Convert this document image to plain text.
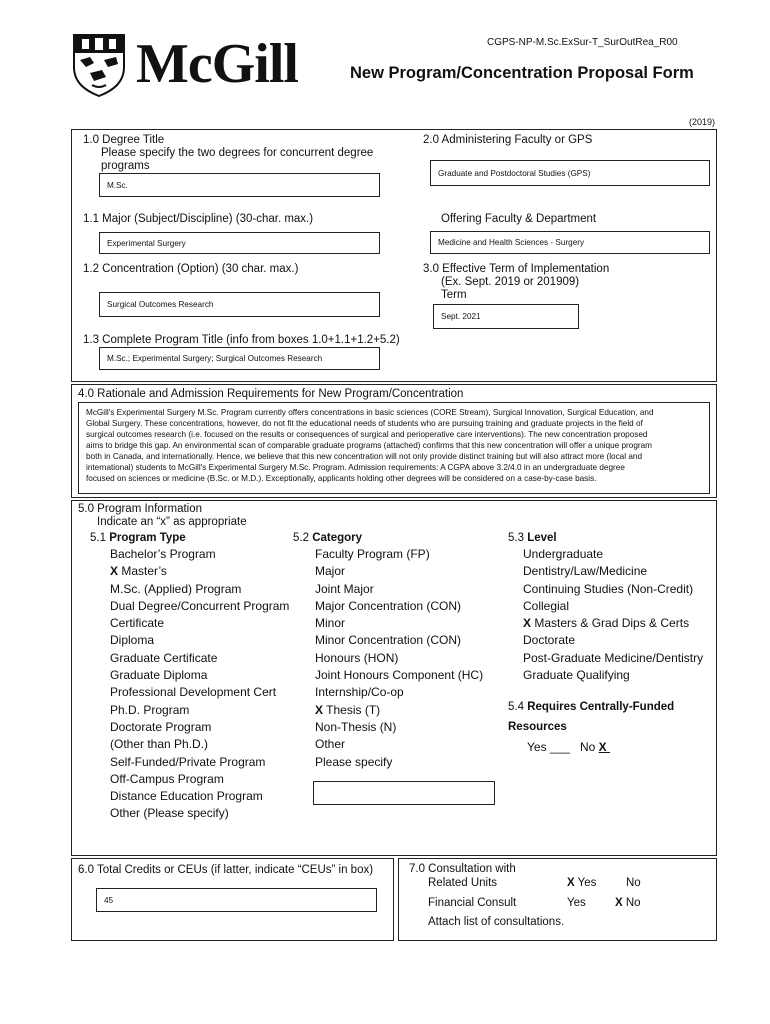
McGill	CGPS-NP-M.Sc.ExSur-T_SurOutRea_R00
New Program/Concentration Proposal Form
(2019)
1.0 Degree Title
Please specify the two degrees for concurrent degree
programs
M.Sc.
2.0 Administering Faculty or GPS
Graduate and Postdoctoral Studies (GPS)
1.1 Major (Subject/Discipline) (30-char. max.)
Experimental Surgery
Offering Faculty & Department
Medicine and Health Sciences - Surgery
1.2 Concentration (Option) (30 char. max.)
Surgical Outcomes Research
3.0 Effective Term of Implementation
(Ex. Sept. 2019 or 201909)
Term
Sept. 2021
1.3 Complete Program Title (info from boxes 1.0+1.1+1.2+5.2)
M.Sc.; Experimental Surgery; Surgical Outcomes Research
4.0 Rationale and Admission Requirements for New Program/Concentration
McGill's Experimental Surgery M.Sc. Program currently offers concentrations in basic sciences (CORE Stream), Surgical Innovation, Surgical Education, and
Global Surgery. These concentrations, however, do not fit the educational needs of students who are pursuing training and graduate projects in the field of
surgical outcomes research (i.e. focused on the results or consequences of surgical and perioperative care interventions). The new concentration proposed
aims to bridge this gap. An environmental scan of comparable graduate programs (attached) confirms that this new concentration will offer a unique program
both in Canada, and internationally. Hence, we believe that this new concentration will not only provide distinct training but will also attract more (local and
international) students to McGill's Experimental Surgery M.Sc. Program. Admission requirements: A CGPA above 3.2/4.0 in an undergraduate degree
focused on sciences or medicine (B.Sc. or M.D.). Exceptionally, applicants holding other degrees will be considered on a case-by-case basis.
5.0 Program Information
Indicate an “x” as appropriate
5.1 Program Type
Bachelor’s Program
X Master’s
M.Sc. (Applied) Program
Dual Degree/Concurrent Program
Certificate
Diploma
Graduate Certificate
Graduate Diploma
Professional Development Cert
Ph.D. Program
Doctorate Program
(Other than Ph.D.)
Self-Funded/Private Program
Off-Campus Program
Distance Education Program
Other (Please specify)
5.2 Category
Faculty Program (FP)
Major
Joint Major
Major Concentration (CON)
Minor
Minor Concentration (CON)
Honours (HON)
Joint Honours Component (HC)
Internship/Co-op
X Thesis (T)
Non-Thesis (N)
Other
Please specify
5.3 Level
Undergraduate
Dentistry/Law/Medicine
Continuing Studies (Non-Credit)
Collegial
X Masters & Grad Dips & Certs
Doctorate
Post-Graduate Medicine/Dentistry
Graduate Qualifying
5.4 Requires Centrally-Funded
Resources
Yes ___ No X
6.0 Total Credits or CEUs (if latter, indicate “CEUs” in box)
45
7.0 Consultation with
Related Units	X Yes	No
Financial Consult	Yes	X No
Attach list of consultations.
